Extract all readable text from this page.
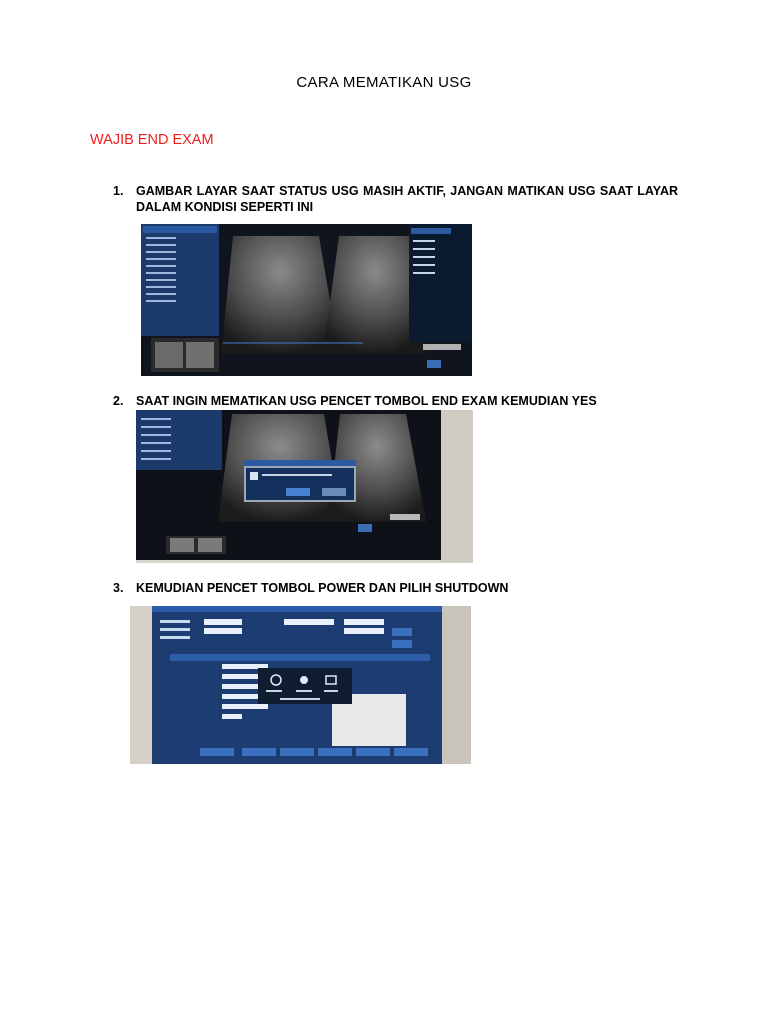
CARA MEMATIKAN USG
WAJIB END EXAM
1. GAMBAR LAYAR SAAT STATUS USG MASIH AKTIF, JANGAN MATIKAN USG SAAT LAYAR DALAM KONDISI SEPERTI INI
2. SAAT INGIN MEMATIKAN USG PENCET TOMBOL END EXAM KEMUDIAN YES
3. KEMUDIAN PENCET TOMBOL POWER DAN PILIH SHUTDOWN
